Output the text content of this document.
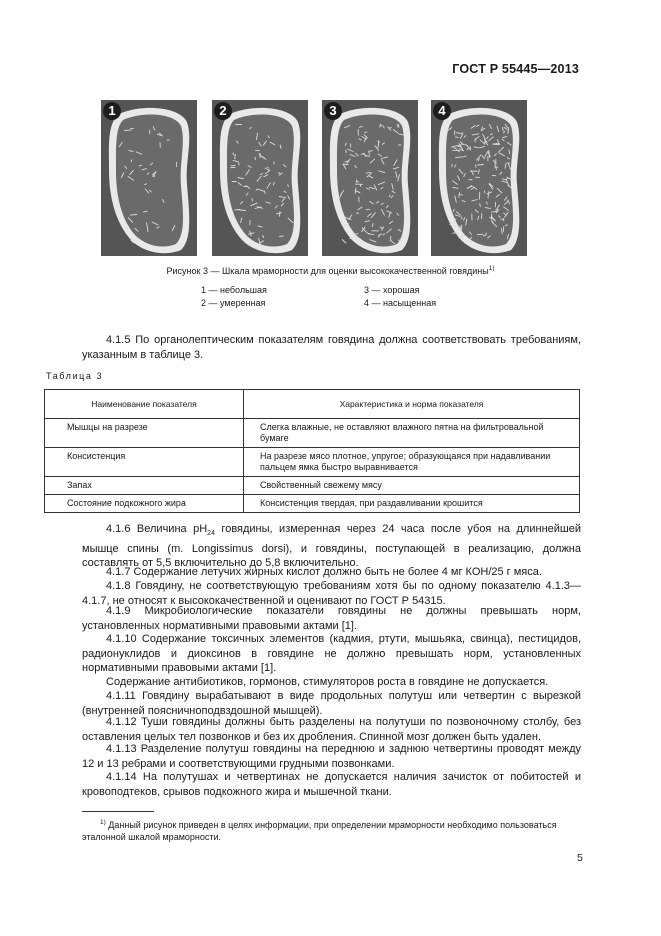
ГОСТ Р 55445—2013
1	2	3	4
Рисунок 3 — Шкала мраморности для оценки высококачественной говядины$^{1)}$
1 — небольшая
2 — умеренная
3 — хорошая
4 — насыщенная
4.1.5 По органолептическим показателям говядина должна соответствовать требованиям, указанным в таблице 3.
Таблица 3
Наименование показателя	Характеристика и норма показателя
Мышцы на разрезе	Слегка влажные, не оставляют влажного пятна на фильтровальной бумаге
Консистенция	На разрезе мясо плотное, упругое; образующаяся при надавливании пальцем ямка быстро выравнивается
Запах	Свойственный свежему мясу
Состояние подкожного жира	Консистенция твердая, при раздавливании крошится
4.1.6 Величина $pH_{24}$ говядины, измеренная через 24 часа после убоя на длиннейшей мышце спины (m. Longissimus dorsi), и говядины, поступающей в реализацию, должна составлять от 5,5 включительно до 5,8 включительно.
4.1.7 Содержание летучих жирных кислот должно быть не более 4 мг КОН/25 г мяса.
4.1.8 Говядину, не соответствующую требованиям хотя бы по одному показателю 4.1.3—4.1.7, не относят к высококачественной и оценивают по ГОСТ Р 54315.
4.1.9 Микробиологические показатели говядины не должны превышать норм, установленных нормативными правовыми актами [1].
4.1.10 Содержание токсичных элементов (кадмия, ртути, мышьяка, свинца), пестицидов, радионуклидов и диоксинов в говядине не должно превышать норм, установленных нормативными правовыми актами [1].
Содержание антибиотиков, гормонов, стимуляторов роста в говядине не допускается.
4.1.11 Говядину вырабатывают в виде продольных полутуш или четвертин с вырезкой (внутренней поясничноподвздошной мышцей).
4.1.12 Туши говядины должны быть разделены на полутуши по позвоночному столбу, без оставления целых тел позвонков и без их дробления. Спинной мозг должен быть удален.
4.1.13 Разделение полутуш говядины на переднюю и заднюю четвертины проводят между 12 и 13 ребрами и соответствующими грудными позвонками.
4.1.14 На полутушах и четвертинах не допускается наличия зачисток от побитостей и кровоподтеков, срывов подкожного жира и мышечной ткани.
$^{1)}$ Данный рисунок приведен в целях информации, при определении мраморности необходимо пользоваться эталонной шкалой мраморности.
5
